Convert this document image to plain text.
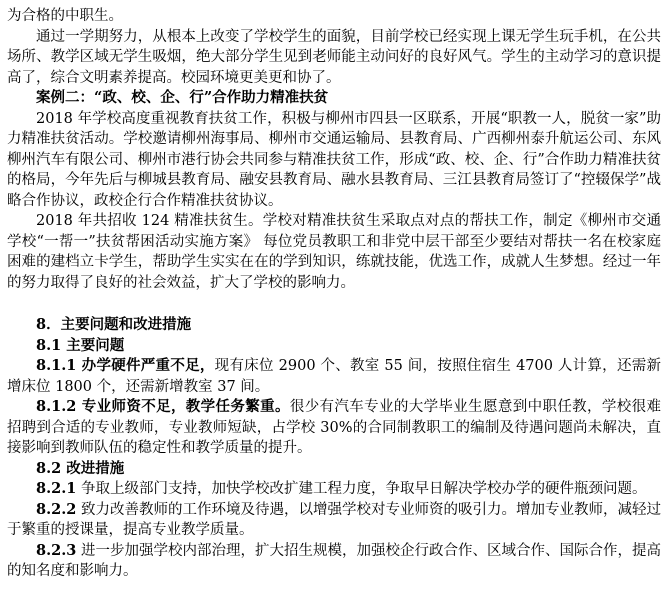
为合格的中职生。

通过一学期努力，从根本上改变了学校学生的面貌，目前学校已经实现上课无学生玩手机，在公共场所、教学区域无学生吸烟，绝大部分学生见到老师能主动问好的良好风气。学生的主动学习的意识提高了，综合文明素养提高。校园环境更美更和协了。

案例二：“政、校、企、行”合作助力精准扶贫

2018 年学校高度重视教育扶贫工作，积极与柳州市四县一区联系，开展“职教一人，脱贫一家”助力精准扶贫活动。学校邀请柳州海事局、柳州市交通运输局、县教育局、广西柳州泰升航运公司、东风柳州汽车有限公司、柳州市港行协会共同参与精准扶贫工作，形成“政、校、企、行”合作助力精准扶贫的格局，今年先后与柳城县教育局、融安县教育局、融水县教育局、三江县教育局签订了“控辍保学”战略合作协议，政校企行合作精准扶贫协议。

2018 年共招收 124 精准扶贫生。学校对精准扶贫生采取点对点的帮扶工作，制定《柳州市交通学校“一帮一”扶贫帮困活动实施方案》 每位党员教职工和非党中层干部至少要结对帮扶一名在校家庭困难的建档立卡学生，帮助学生实实在在的学到知识，练就技能，优选工作，成就人生梦想。经过一年的努力取得了良好的社会效益，扩大了学校的影响力。

8．主要问题和改进措施

8.1 主要问题

8.1.1 办学硬件严重不足，现有床位 2900 个、教室 55 间，按照住宿生 4700 人计算，还需新增床位 1800 个，还需新增教室 37 间。

8.1.2 专业师资不足，教学任务繁重。很少有汽车专业的大学毕业生愿意到中职任教，学校很难招聘到合适的专业教师，专业教师短缺，占学校 30%的合同制教职工的编制及待遇问题尚未解决，直接影响到教师队伍的稳定性和教学质量的提升。

8.2 改进措施

8.2.1 争取上级部门支持，加快学校改扩建工程力度，争取早日解决学校办学的硬件瓶颈问题。

8.2.2 致力改善教师的工作环境及待遇，以增强学校对专业师资的吸引力。增加专业教师，减轻过于繁重的授课量，提高专业教学质量。

8.2.3 进一步加强学校内部治理，扩大招生规模，加强校企行政合作、区域合作、国际合作，提高的知名度和影响力。
